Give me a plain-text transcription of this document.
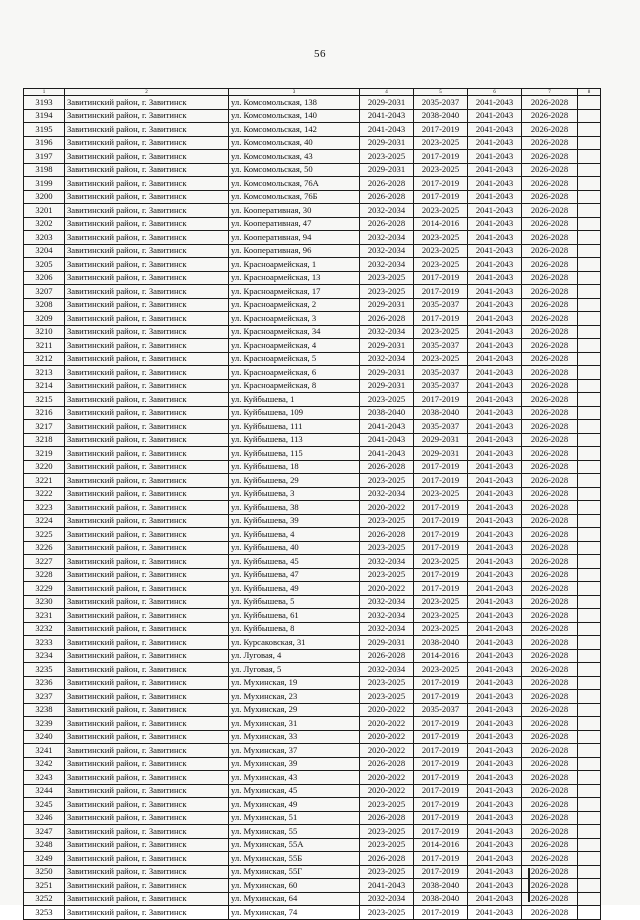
56
1	2	3	4	5	6	7	8
3193	Завитинский район, г. Завитинск	ул. Комсомольская, 138	2029-2031	2035-2037	2041-2043	2026-2028	
3194	Завитинский район, г. Завитинск	ул. Комсомольская, 140	2041-2043	2038-2040	2041-2043	2026-2028	
3195	Завитинский район, г. Завитинск	ул. Комсомольская, 142	2041-2043	2017-2019	2041-2043	2026-2028	
3196	Завитинский район, г. Завитинск	ул. Комсомольская, 40	2029-2031	2023-2025	2041-2043	2026-2028	
3197	Завитинский район, г. Завитинск	ул. Комсомольская, 43	2023-2025	2017-2019	2041-2043	2026-2028	
3198	Завитинский район, г. Завитинск	ул. Комсомольская, 50	2029-2031	2023-2025	2041-2043	2026-2028	
3199	Завитинский район, г. Завитинск	ул. Комсомольская, 76А	2026-2028	2017-2019	2041-2043	2026-2028	
3200	Завитинский район, г. Завитинск	ул. Комсомольская, 76Б	2026-2028	2017-2019	2041-2043	2026-2028	
3201	Завитинский район, г. Завитинск	ул. Кооперативная, 30	2032-2034	2023-2025	2041-2043	2026-2028	
3202	Завитинский район, г. Завитинск	ул. Кооперативная, 47	2026-2028	2014-2016	2041-2043	2026-2028	
3203	Завитинский район, г. Завитинск	ул. Кооперативная, 94	2032-2034	2023-2025	2041-2043	2026-2028	
3204	Завитинский район, г. Завитинск	ул. Кооперативная, 96	2032-2034	2023-2025	2041-2043	2026-2028	
3205	Завитинский район, г. Завитинск	ул. Красноармейская, 1	2032-2034	2023-2025	2041-2043	2026-2028	
3206	Завитинский район, г. Завитинск	ул. Красноармейская, 13	2023-2025	2017-2019	2041-2043	2026-2028	
3207	Завитинский район, г. Завитинск	ул. Красноармейская, 17	2023-2025	2017-2019	2041-2043	2026-2028	
3208	Завитинский район, г. Завитинск	ул. Красноармейская, 2	2029-2031	2035-2037	2041-2043	2026-2028	
3209	Завитинский район, г. Завитинск	ул. Красноармейская, 3	2026-2028	2017-2019	2041-2043	2026-2028	
3210	Завитинский район, г. Завитинск	ул. Красноармейская, 34	2032-2034	2023-2025	2041-2043	2026-2028	
3211	Завитинский район, г. Завитинск	ул. Красноармейская, 4	2029-2031	2035-2037	2041-2043	2026-2028	
3212	Завитинский район, г. Завитинск	ул. Красноармейская, 5	2032-2034	2023-2025	2041-2043	2026-2028	
3213	Завитинский район, г. Завитинск	ул. Красноармейская, 6	2029-2031	2035-2037	2041-2043	2026-2028	
3214	Завитинский район, г. Завитинск	ул. Красноармейская, 8	2029-2031	2035-2037	2041-2043	2026-2028	
3215	Завитинский район, г. Завитинск	ул. Куйбышева, 1	2023-2025	2017-2019	2041-2043	2026-2028	
3216	Завитинский район, г. Завитинск	ул. Куйбышева, 109	2038-2040	2038-2040	2041-2043	2026-2028	
3217	Завитинский район, г. Завитинск	ул. Куйбышева, 111	2041-2043	2035-2037	2041-2043	2026-2028	
3218	Завитинский район, г. Завитинск	ул. Куйбышева, 113	2041-2043	2029-2031	2041-2043	2026-2028	
3219	Завитинский район, г. Завитинск	ул. Куйбышева, 115	2041-2043	2029-2031	2041-2043	2026-2028	
3220	Завитинский район, г. Завитинск	ул. Куйбышева, 18	2026-2028	2017-2019	2041-2043	2026-2028	
3221	Завитинский район, г. Завитинск	ул. Куйбышева, 29	2023-2025	2017-2019	2041-2043	2026-2028	
3222	Завитинский район, г. Завитинск	ул. Куйбышева, 3	2032-2034	2023-2025	2041-2043	2026-2028	
3223	Завитинский район, г. Завитинск	ул. Куйбышева, 38	2020-2022	2017-2019	2041-2043	2026-2028	
3224	Завитинский район, г. Завитинск	ул. Куйбышева, 39	2023-2025	2017-2019	2041-2043	2026-2028	
3225	Завитинский район, г. Завитинск	ул. Куйбышева, 4	2026-2028	2017-2019	2041-2043	2026-2028	
3226	Завитинский район, г. Завитинск	ул. Куйбышева, 40	2023-2025	2017-2019	2041-2043	2026-2028	
3227	Завитинский район, г. Завитинск	ул. Куйбышева, 45	2032-2034	2023-2025	2041-2043	2026-2028	
3228	Завитинский район, г. Завитинск	ул. Куйбышева, 47	2023-2025	2017-2019	2041-2043	2026-2028	
3229	Завитинский район, г. Завитинск	ул. Куйбышева, 49	2020-2022	2017-2019	2041-2043	2026-2028	
3230	Завитинский район, г. Завитинск	ул. Куйбышева, 5	2032-2034	2023-2025	2041-2043	2026-2028	
3231	Завитинский район, г. Завитинск	ул. Куйбышева, 61	2032-2034	2023-2025	2041-2043	2026-2028	
3232	Завитинский район, г. Завитинск	ул. Куйбышева, 8	2032-2034	2023-2025	2041-2043	2026-2028	
3233	Завитинский район, г. Завитинск	ул. Курсаковская, 31	2029-2031	2038-2040	2041-2043	2026-2028	
3234	Завитинский район, г. Завитинск	ул. Луговая, 4	2026-2028	2014-2016	2041-2043	2026-2028	
3235	Завитинский район, г. Завитинск	ул. Луговая, 5	2032-2034	2023-2025	2041-2043	2026-2028	
3236	Завитинский район, г. Завитинск	ул. Мухинская, 19	2023-2025	2017-2019	2041-2043	2026-2028	
3237	Завитинский район, г. Завитинск	ул. Мухинская, 23	2023-2025	2017-2019	2041-2043	2026-2028	
3238	Завитинский район, г. Завитинск	ул. Мухинская, 29	2020-2022	2035-2037	2041-2043	2026-2028	
3239	Завитинский район, г. Завитинск	ул. Мухинская, 31	2020-2022	2017-2019	2041-2043	2026-2028	
3240	Завитинский район, г. Завитинск	ул. Мухинская, 33	2020-2022	2017-2019	2041-2043	2026-2028	
3241	Завитинский район, г. Завитинск	ул. Мухинская, 37	2020-2022	2017-2019	2041-2043	2026-2028	
3242	Завитинский район, г. Завитинск	ул. Мухинская, 39	2026-2028	2017-2019	2041-2043	2026-2028	
3243	Завитинский район, г. Завитинск	ул. Мухинская, 43	2020-2022	2017-2019	2041-2043	2026-2028	
3244	Завитинский район, г. Завитинск	ул. Мухинская, 45	2020-2022	2017-2019	2041-2043	2026-2028	
3245	Завитинский район, г. Завитинск	ул. Мухинская, 49	2023-2025	2017-2019	2041-2043	2026-2028	
3246	Завитинский район, г. Завитинск	ул. Мухинская, 51	2026-2028	2017-2019	2041-2043	2026-2028	
3247	Завитинский район, г. Завитинск	ул. Мухинская, 55	2023-2025	2017-2019	2041-2043	2026-2028	
3248	Завитинский район, г. Завитинск	ул. Мухинская, 55А	2023-2025	2014-2016	2041-2043	2026-2028	
3249	Завитинский район, г. Завитинск	ул. Мухинская, 55Б	2026-2028	2017-2019	2041-2043	2026-2028	
3250	Завитинский район, г. Завитинск	ул. Мухинская, 55Г	2023-2025	2017-2019	2041-2043	2026-2028	
3251	Завитинский район, г. Завитинск	ул. Мухинская, 60	2041-2043	2038-2040	2041-2043	2026-2028	
3252	Завитинский район, г. Завитинск	ул. Мухинская, 64	2032-2034	2038-2040	2041-2043	2026-2028	
3253	Завитинский район, г. Завитинск	ул. Мухинская, 74	2023-2025	2017-2019	2041-2043	2026-2028	
